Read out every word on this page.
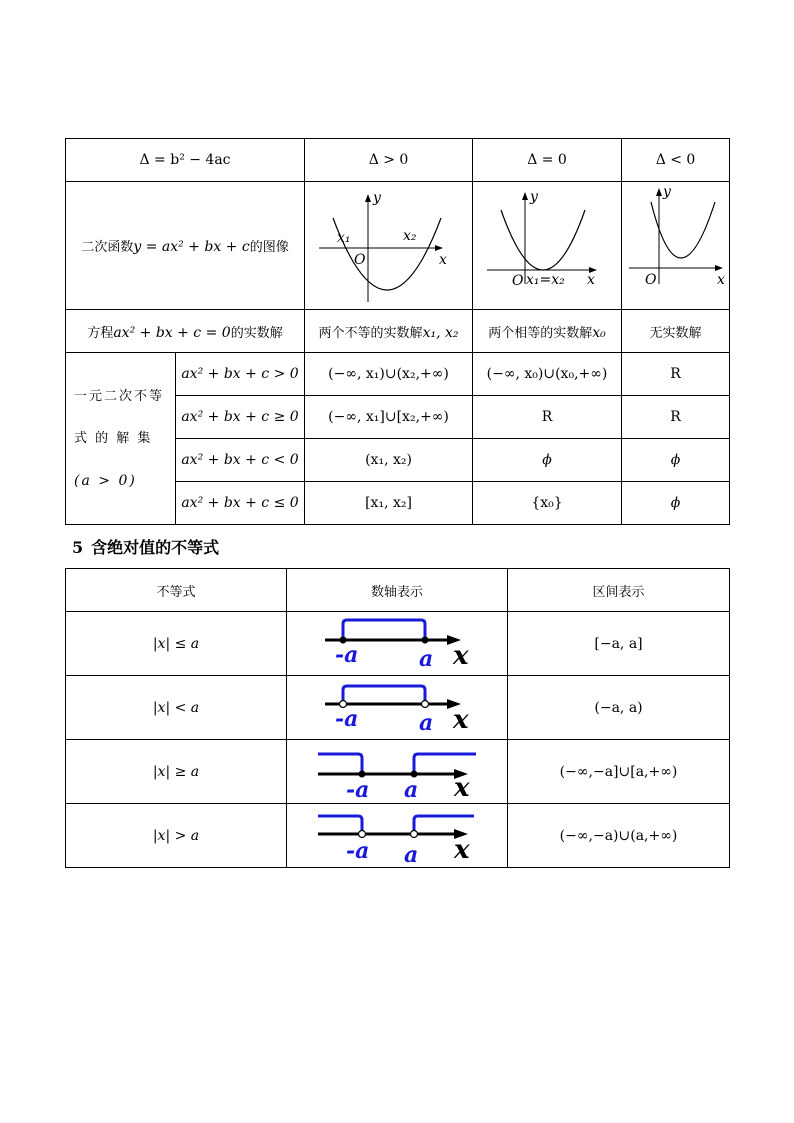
Δ = b² − 4ac		Δ > 0	Δ = 0	Δ < 0
二次函数y = ax² + bx + c的图像		y
x
O
x₁ x₂	y
x
O x₁=x₂	y
x
O

方程ax² + bx + c = 0的实数解		两个不等的实数解x₁, x₂	两个相等的实数解x₀	无实数解

一元二次不等
式 的 解 集
(a > 0)	ax² + bx + c > 0	(−∞, x₁)∪(x₂,+∞)	(−∞, x₀)∪(x₀,+∞)	R
	ax² + bx + c ≥ 0	(−∞, x₁]∪[x₂,+∞)	R	R
	ax² + bx + c < 0	(x₁, x₂)	ϕ	ϕ
	ax² + bx + c ≤ 0	[x₁, x₂]	{x₀}	ϕ
5 含绝对值的不等式
不等式	数轴表示	区间表示
|x| ≤ a	-a a x	[−a, a]
|x| < a	-a a x	(−a, a)
|x| ≥ a	-a a x	(−∞,−a]∪[a,+∞)
|x| > a	-a a x	(−∞,−a)∪(a,+∞)
